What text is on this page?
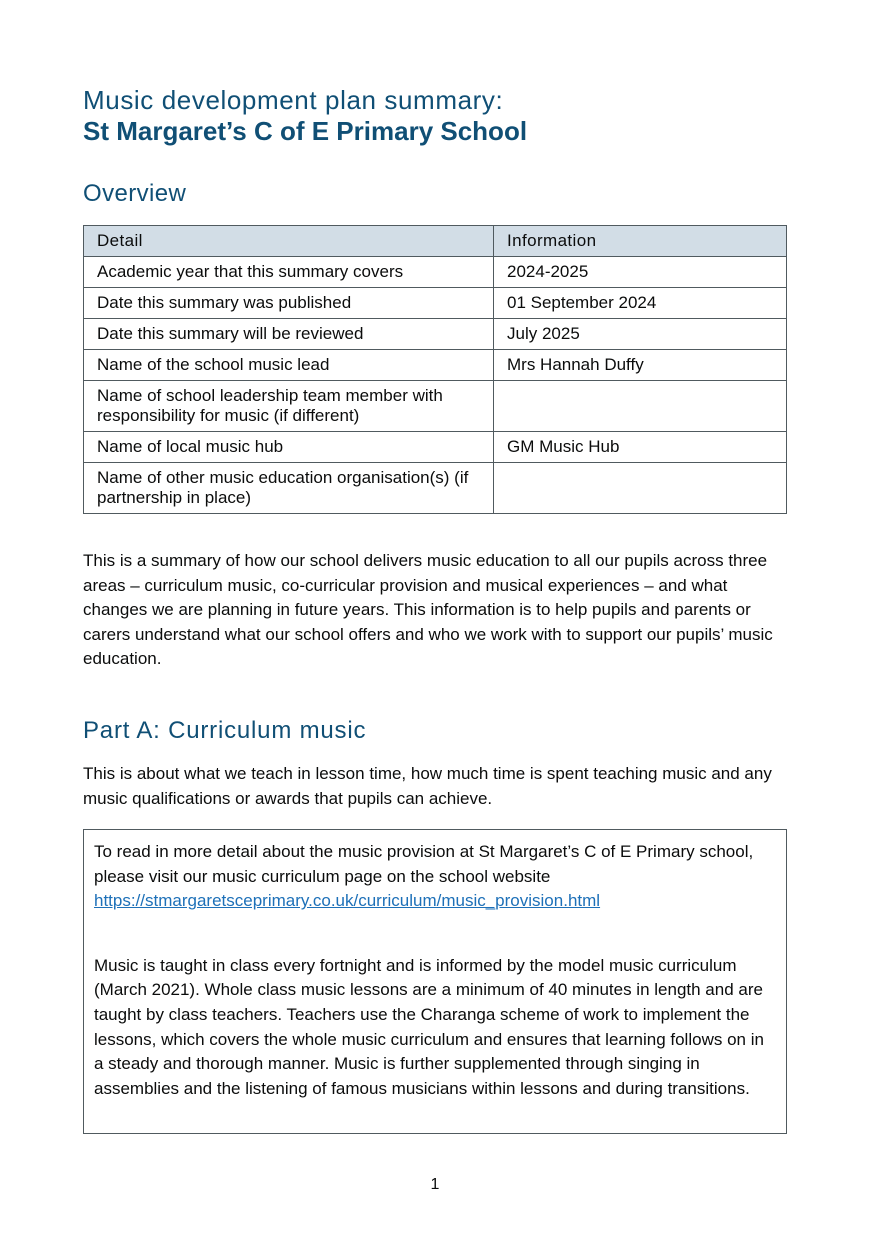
Music development plan summary:
St Margaret’s C of E Primary School
Overview
Detail	Information
Academic year that this summary covers	2024-2025
Date this summary was published	01 September 2024
Date this summary will be reviewed	July 2025
Name of the school music lead	Mrs Hannah Duffy
Name of school leadership team member with responsibility for music (if different)	
Name of local music hub	GM Music Hub
Name of other music education organisation(s) (if partnership in place)	
This is a summary of how our school delivers music education to all our pupils across three areas – curriculum music, co-curricular provision and musical experiences – and what changes we are planning in future years. This information is to help pupils and parents or carers understand what our school offers and who we work with to support our pupils’ music education.
Part A: Curriculum music
This is about what we teach in lesson time, how much time is spent teaching music and any music qualifications or awards that pupils can achieve.

To read in more detail about the music provision at St Margaret’s C of E Primary school, please visit our music curriculum page on the school website

https://stmargaretsceprimary.co.uk/curriculum/music_provision.html

Music is taught in class every fortnight and is informed by the model music curriculum (March 2021). Whole class music lessons are a minimum of 40 minutes in length and are taught by class teachers. Teachers use the Charanga scheme of work to implement the lessons, which covers the whole music curriculum and ensures that learning follows on in a steady and thorough manner. Music is further supplemented through singing in assemblies and the listening of famous musicians within lessons and during transitions.

1
